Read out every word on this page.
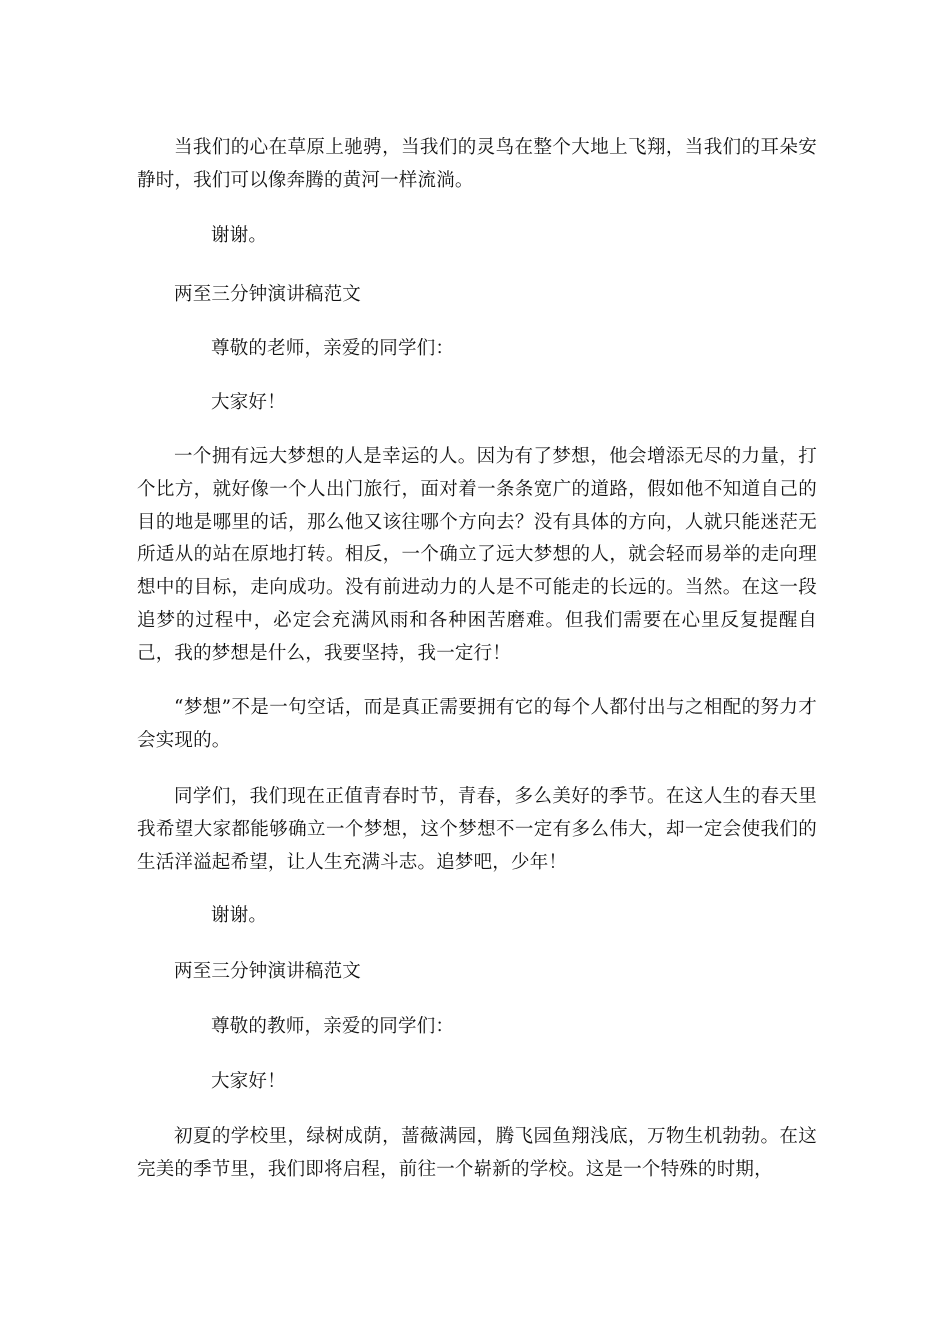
当我们的心在草原上驰骋，当我们的灵鸟在整个大地上飞翔，当我们的耳朵安静时，我们可以像奔腾的黄河一样流淌。

谢谢。

两至三分钟演讲稿范文

尊敬的老师，亲爱的同学们：

大家好！

一个拥有远大梦想的人是幸运的人。因为有了梦想，他会增添无尽的力量，打个比方，就好像一个人出门旅行，面对着一条条宽广的道路，假如他不知道自己的目的地是哪里的话，那么他又该往哪个方向去？没有具体的方向，人就只能迷茫无所适从的站在原地打转。相反，一个确立了远大梦想的人，就会轻而易举的走向理想中的目标，走向成功。没有前进动力的人是不可能走的长远的。当然。在这一段追梦的过程中，必定会充满风雨和各种困苦磨难。但我们需要在心里反复提醒自己，我的梦想是什么，我要坚持，我一定行！

“梦想”不是一句空话，而是真正需要拥有它的每个人都付出与之相配的努力才会实现的。

同学们，我们现在正值青春时节，青春，多么美好的季节。在这人生的春天里我希望大家都能够确立一个梦想，这个梦想不一定有多么伟大，却一定会使我们的生活洋溢起希望，让人生充满斗志。追梦吧，少年！

谢谢。

两至三分钟演讲稿范文

尊敬的教师，亲爱的同学们：

大家好！

初夏的学校里，绿树成荫，蔷薇满园，腾飞园鱼翔浅底，万物生机勃勃。在这完美的季节里，我们即将启程，前往一个崭新的学校。这是一个特殊的时期，
